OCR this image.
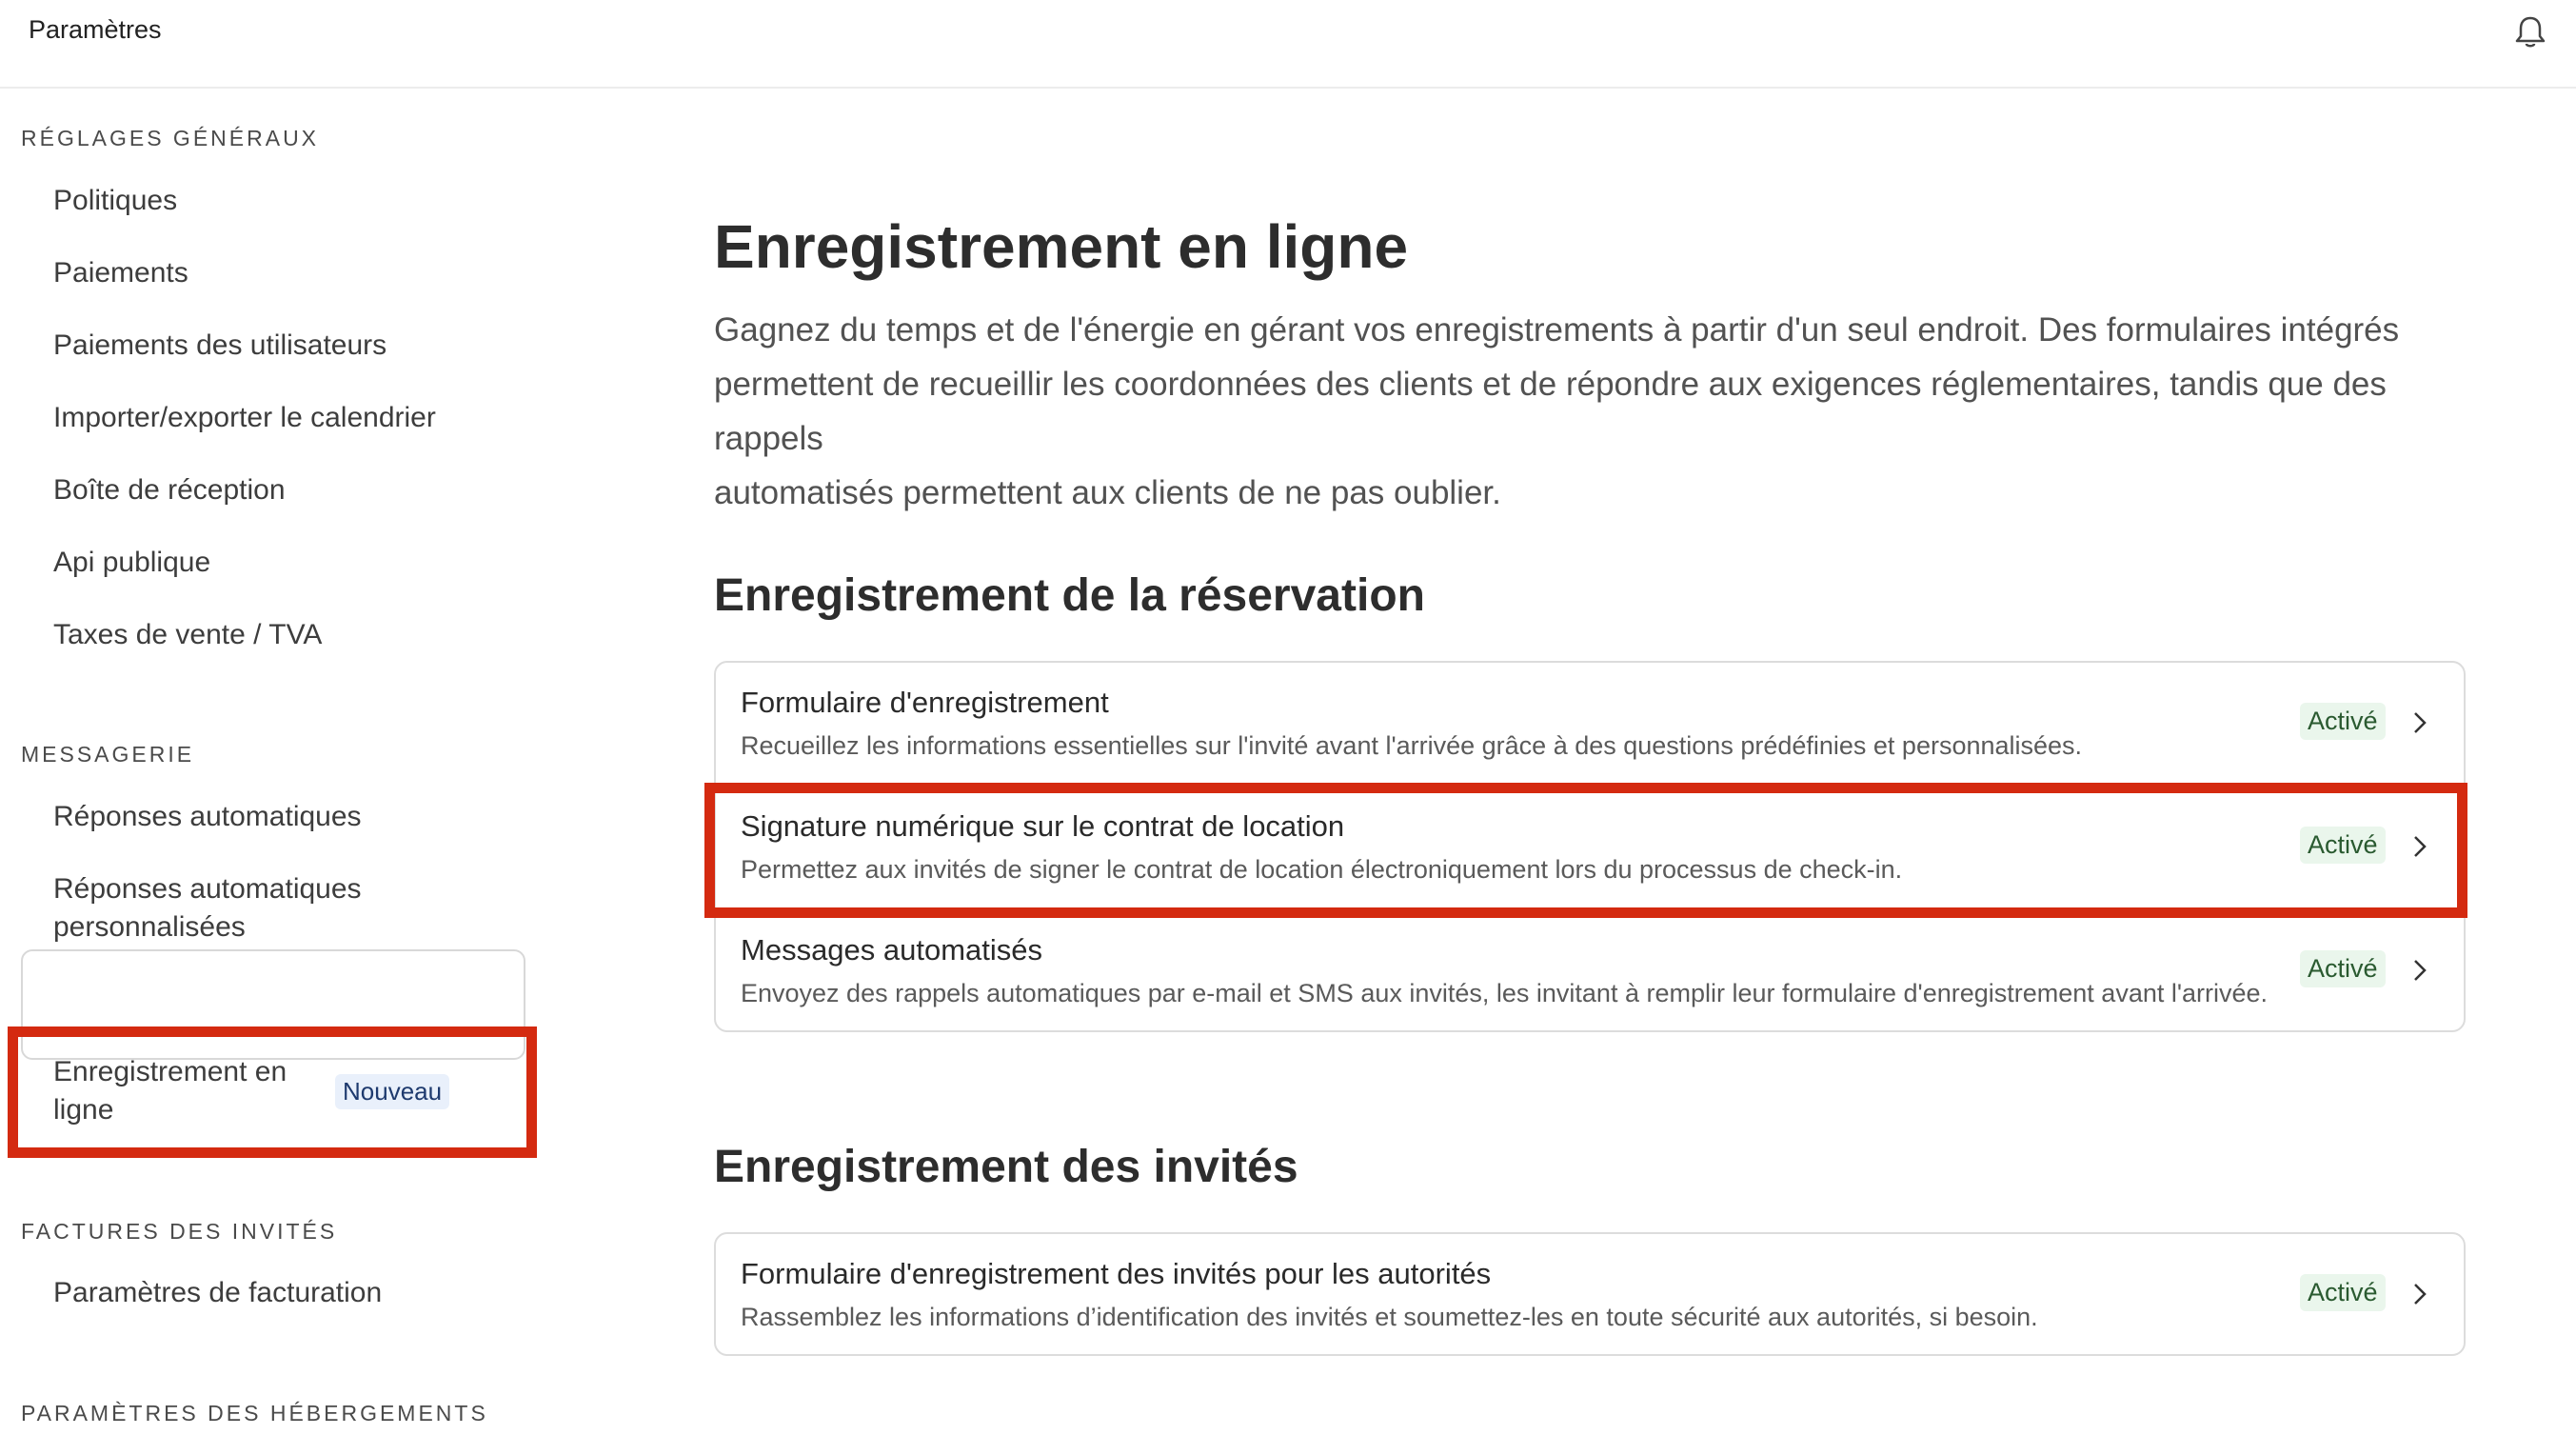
Paramètres
RÉGLAGES GÉNÉRAUX
Politiques
Paiements
Paiements des utilisateurs
Importer/exporter le calendrier
Boîte de réception
Api publique
Taxes de vente / TVA
MESSAGERIE
Réponses automatiques
Réponses automatiques
personnalisées
Enregistrement en
ligne
Nouveau
FACTURES DES INVITÉS
Paramètres de facturation
PARAMÈTRES DES HÉBERGEMENTS
Enregistrement en ligne
Gagnez du temps et de l'énergie en gérant vos enregistrements à partir d'un seul endroit. Des formulaires intégrés
permettent de recueillir les coordonnées des clients et de répondre aux exigences réglementaires, tandis que des rappels
automatisés permettent aux clients de ne pas oublier.
Enregistrement de la réservation
Formulaire d'enregistrement
Recueillez les informations essentielles sur l'invité avant l'arrivée grâce à des questions prédéfinies et personnalisées.
Activé
Signature numérique sur le contrat de location
Permettez aux invités de signer le contrat de location électroniquement lors du processus de check-in.
Activé
Messages automatisés
Envoyez des rappels automatiques par e-mail et SMS aux invités, les invitant à remplir leur formulaire d'enregistrement avant l'arrivée.
Activé
Enregistrement des invités
Formulaire d'enregistrement des invités pour les autorités
Rassemblez les informations d’identification des invités et soumettez-les en toute sécurité aux autorités, si besoin.
Activé
